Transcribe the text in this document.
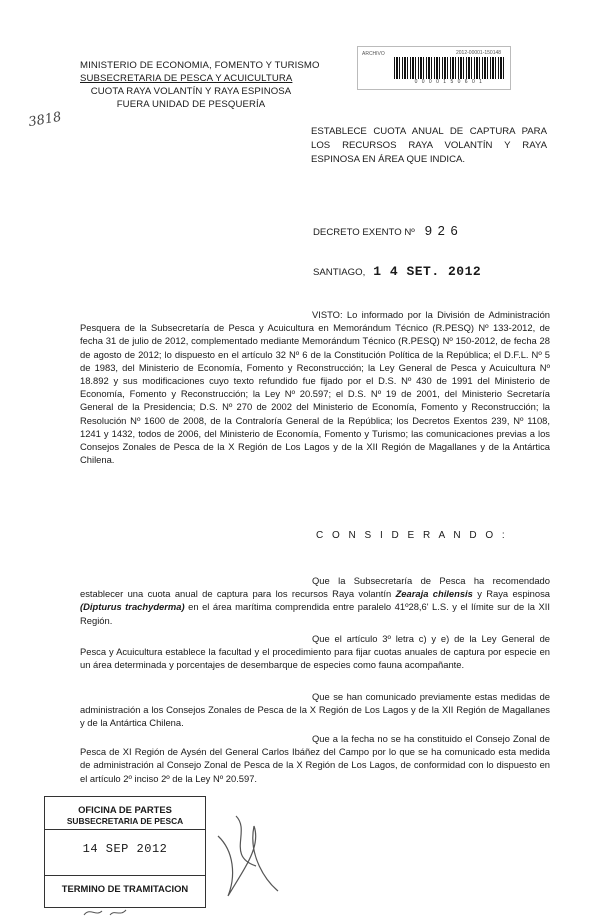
MINISTERIO DE ECONOMIA, FOMENTO Y TURISMO
SUBSECRETARIA DE PESCA Y ACUICULTURA
CUOTA RAYA VOLANTÍN Y RAYA ESPINOSA
FUERA UNIDAD DE PESQUERÍA
3818
ARCHIVO	2012-00001-150148
0 0 0 0 1 5 0 6 0 1
ESTABLECE CUOTA ANUAL DE CAPTURA PARA LOS RECURSOS RAYA VOLANTÍN Y RAYA ESPINOSA EN ÁREA QUE INDICA.
DECRETO EXENTO Nº 9 2 6
SANTIAGO, 1 4 SET. 2012
VISTO: Lo informado por la División de Administración Pesquera de la Subsecretaría de Pesca y Acuicultura en Memorándum Técnico (R.PESQ) Nº 133-2012, de fecha 31 de julio de 2012, complementado mediante Memorándum Técnico (R.PESQ) Nº 150-2012, de fecha 28 de agosto de 2012; lo dispuesto en el artículo 32 Nº 6 de la Constitución Política de la República; el D.F.L. Nº 5 de 1983, del Ministerio de Economía, Fomento y Reconstrucción; la Ley General de Pesca y Acuicultura Nº 18.892 y sus modificaciones cuyo texto refundido fue fijado por el D.S. Nº 430 de 1991 del Ministerio de Economía, Fomento y Reconstrucción; la Ley Nº 20.597; el D.S. Nº 19 de 2001, del Ministerio Secretaría General de la Presidencia; D.S. Nº 270 de 2002 del Ministerio de Economía, Fomento y Reconstrucción; la Resolución Nº 1600 de 2008, de la Contraloría General de la República; los Decretos Exentos 239, Nº 1108, 1241 y 1432, todos de 2006, del Ministerio de Economía, Fomento y Turismo; las comunicaciones previas a los Consejos Zonales de Pesca de la X Región de Los Lagos y de la XII Región de Magallanes y de la Antártica Chilena.
C O N S I D E R A N D O :
Que la Subsecretaría de Pesca ha recomendado establecer una cuota anual de captura para los recursos Raya volantín Zearaja chilensis y Raya espinosa (Dipturus trachyderma) en el área marítima comprendida entre paralelo 41º28,6' L.S. y el límite sur de la XII Región.
Que el artículo 3º letra c) y e) de la Ley General de Pesca y Acuicultura establece la facultad y el procedimiento para fijar cuotas anuales de captura por especie en un área determinada y porcentajes de desembarque de especies como fauna acompañante.
Que se han comunicado previamente estas medidas de administración a los Consejos Zonales de Pesca de la X Región de Los Lagos y de la XII Región de Magallanes y de la Antártica Chilena.
Que a la fecha no se ha constituido el Consejo Zonal de Pesca de XI Región de Aysén del General Carlos Ibáñez del Campo por lo que se ha comunicado esta medida de administración al Consejo Zonal de Pesca de la X Región de Los Lagos, de conformidad con lo dispuesto en el artículo 2º inciso 2º de la Ley Nº 20.597.
OFICINA DE PARTES
SUBSECRETARIA DE PESCA
14 SEP 2012
TERMINO DE TRAMITACION
